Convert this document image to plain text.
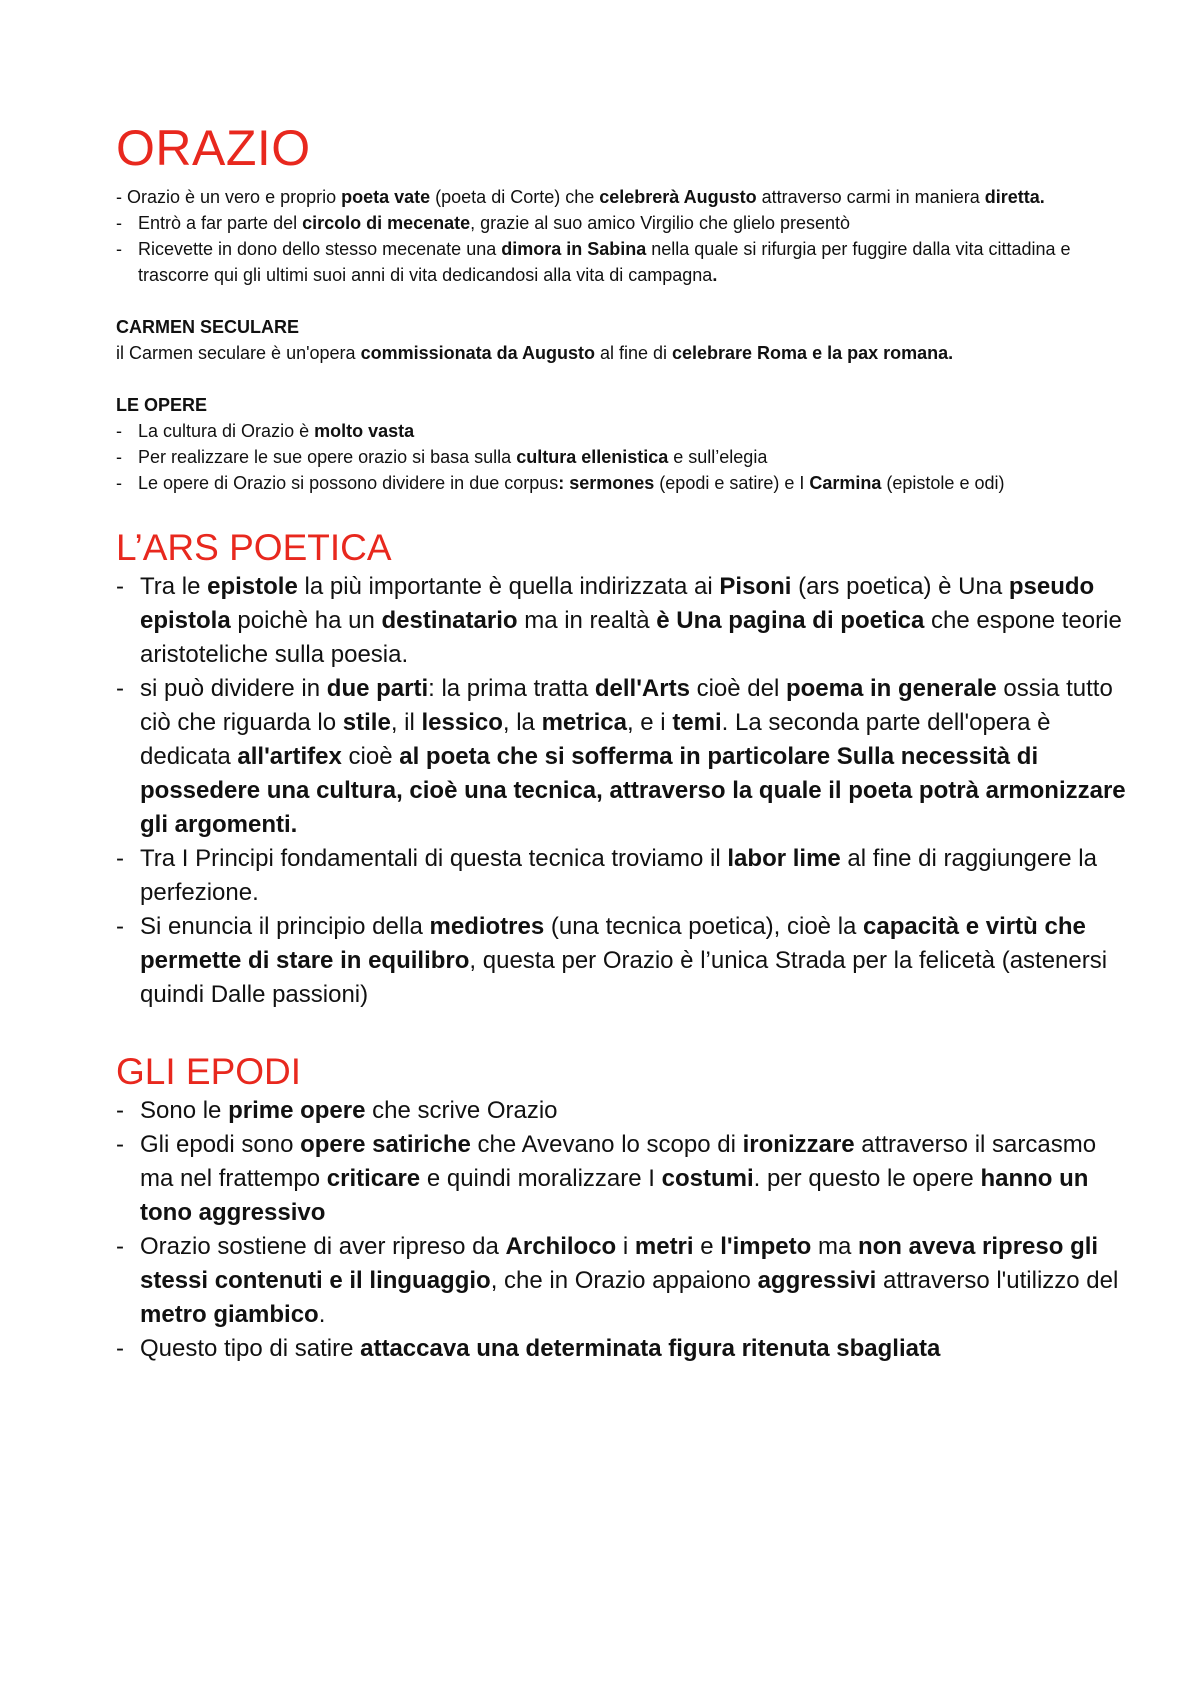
ORAZIO

- Orazio è un vero e proprio poeta vate (poeta di Corte) che celebrerà Augusto attraverso carmi in maniera diretta.

- Entrò a far parte del circolo di mecenate, grazie al suo amico Virgilio che glielo presentò
- Ricevette in dono dello stesso mecenate una dimora in Sabina nella quale si rifurgia per fuggire dalla vita cittadina e trascorre qui gli ultimi suoi anni di vita dedicandosi alla vita di campagna.
CARMEN SECULARE

il Carmen seculare è un'opera commissionata da Augusto al fine di celebrare Roma e la pax romana.

LE OPERE
- La cultura di Orazio è molto vasta
- Per realizzare le sue opere orazio si basa sulla cultura ellenistica e sull’elegia
- Le opere di Orazio si possono dividere in due corpus: sermones (epodi e satire) e I Carmina (epistole e odi)
L’ARS POETICA
- Tra le epistole la più importante è quella indirizzata ai Pisoni (ars poetica) è Una pseudo epistola poichè ha un destinatario ma in realtà è Una pagina di poetica che espone teorie aristoteliche sulla poesia.
- si può dividere in due parti: la prima tratta dell'Arts cioè del poema in generale ossia tutto ciò che riguarda lo stile, il lessico, la metrica, e i temi. La seconda parte dell'opera è dedicata all'artifex cioè al poeta che si sofferma in particolare Sulla necessità di possedere una cultura, cioè una tecnica, attraverso la quale il poeta potrà armonizzare gli argomenti.
- Tra I Principi fondamentali di questa tecnica troviamo il labor lime al fine di raggiungere la perfezione.
- Si enuncia il principio della mediotres (una tecnica poetica), cioè la capacità e virtù che permette di stare in equilibro, questa per Orazio è l’unica Strada per la felicetà (astenersi quindi Dalle passioni)
GLI EPODI
- Sono le prime opere che scrive Orazio
- Gli epodi sono opere satiriche che Avevano lo scopo di ironizzare attraverso il sarcasmo ma nel frattempo criticare e quindi moralizzare I costumi. per questo le opere hanno un tono aggressivo
- Orazio sostiene di aver ripreso da Archiloco i metri e l'impeto ma non aveva ripreso gli stessi contenuti e il linguaggio, che in Orazio appaiono aggressivi attraverso l'utilizzo del metro giambico.
- Questo tipo di satire attaccava una determinata figura ritenuta sbagliata
